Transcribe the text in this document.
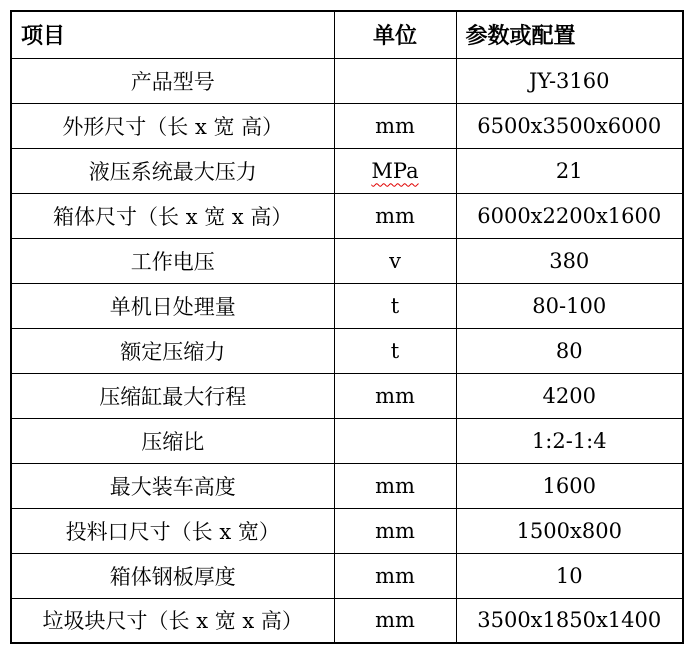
项目	单位	参数或配置
产品型号		JY-3160
外形尺寸（长 x 宽 高）	mm	6500x3500x6000
液压系统最大压力	MPa	21
箱体尺寸（长 x 宽 x 高）	mm	6000x2200x1600
工作电压	v	380
单机日处理量	t	80-100
额定压缩力	t	80
压缩缸最大行程	mm	4200
压缩比		1:2-1:4
最大装车高度	mm	1600
投料口尺寸（长 x 宽）	mm	1500x800
箱体钢板厚度	mm	10
垃圾块尺寸（长 x 宽 x 高）	mm	3500x1850x1400
